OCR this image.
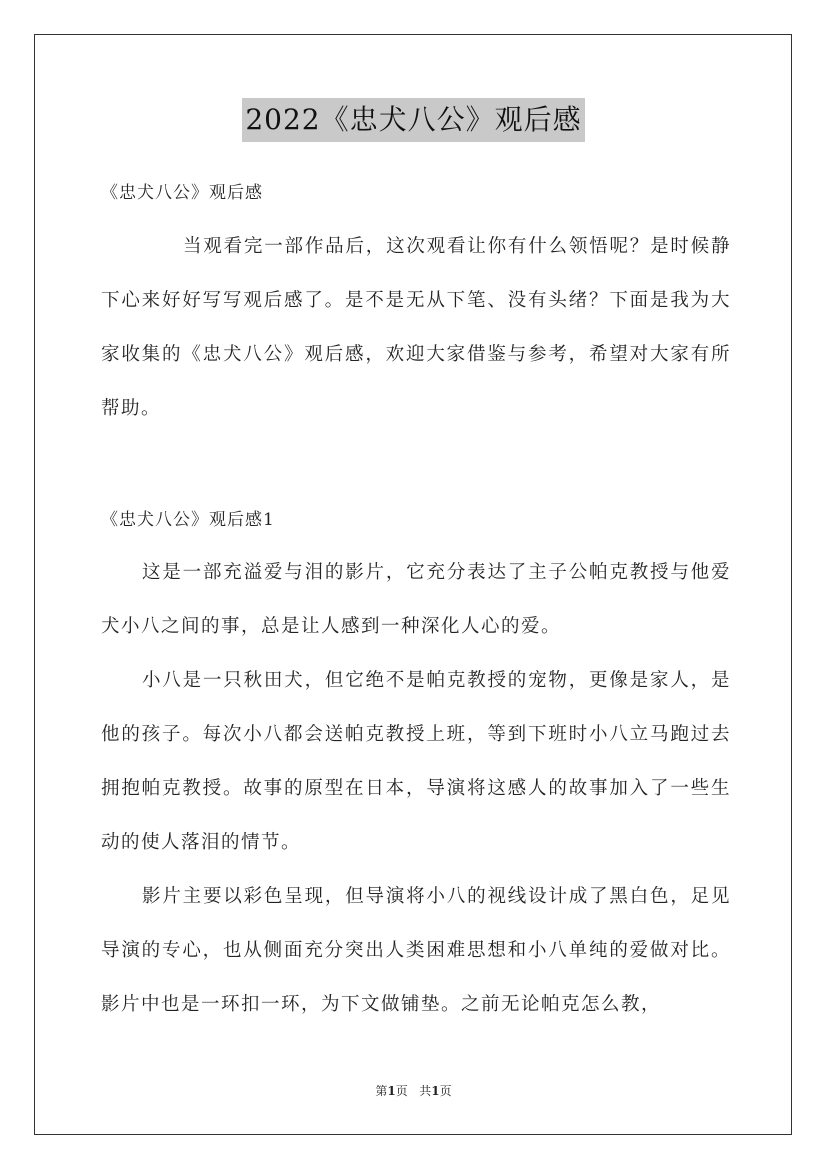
2022《忠犬八公》观后感

《忠犬八公》观后感

当观看完一部作品后，这次观看让你有什么领悟呢？是时候静下心来好好写写观后感了。是不是无从下笔、没有头绪？下面是我为大家收集的《忠犬八公》观后感，欢迎大家借鉴与参考，希望对大家有所帮助。

《忠犬八公》观后感1

这是一部充溢爱与泪的影片，它充分表达了主子公帕克教授与他爱犬小八之间的事，总是让人感到一种深化人心的爱。

小八是一只秋田犬，但它绝不是帕克教授的宠物，更像是家人，是他的孩子。每次小八都会送帕克教授上班，等到下班时小八立马跑过去拥抱帕克教授。故事的原型在日本，导演将这感人的故事加入了一些生动的使人落泪的情节。

影片主要以彩色呈现，但导演将小八的视线设计成了黑白色，足见导演的专心，也从侧面充分突出人类困难思想和小八单纯的爱做对比。影片中也是一环扣一环，为下文做铺垫。之前无论帕克怎么教，

第1页 共1页
